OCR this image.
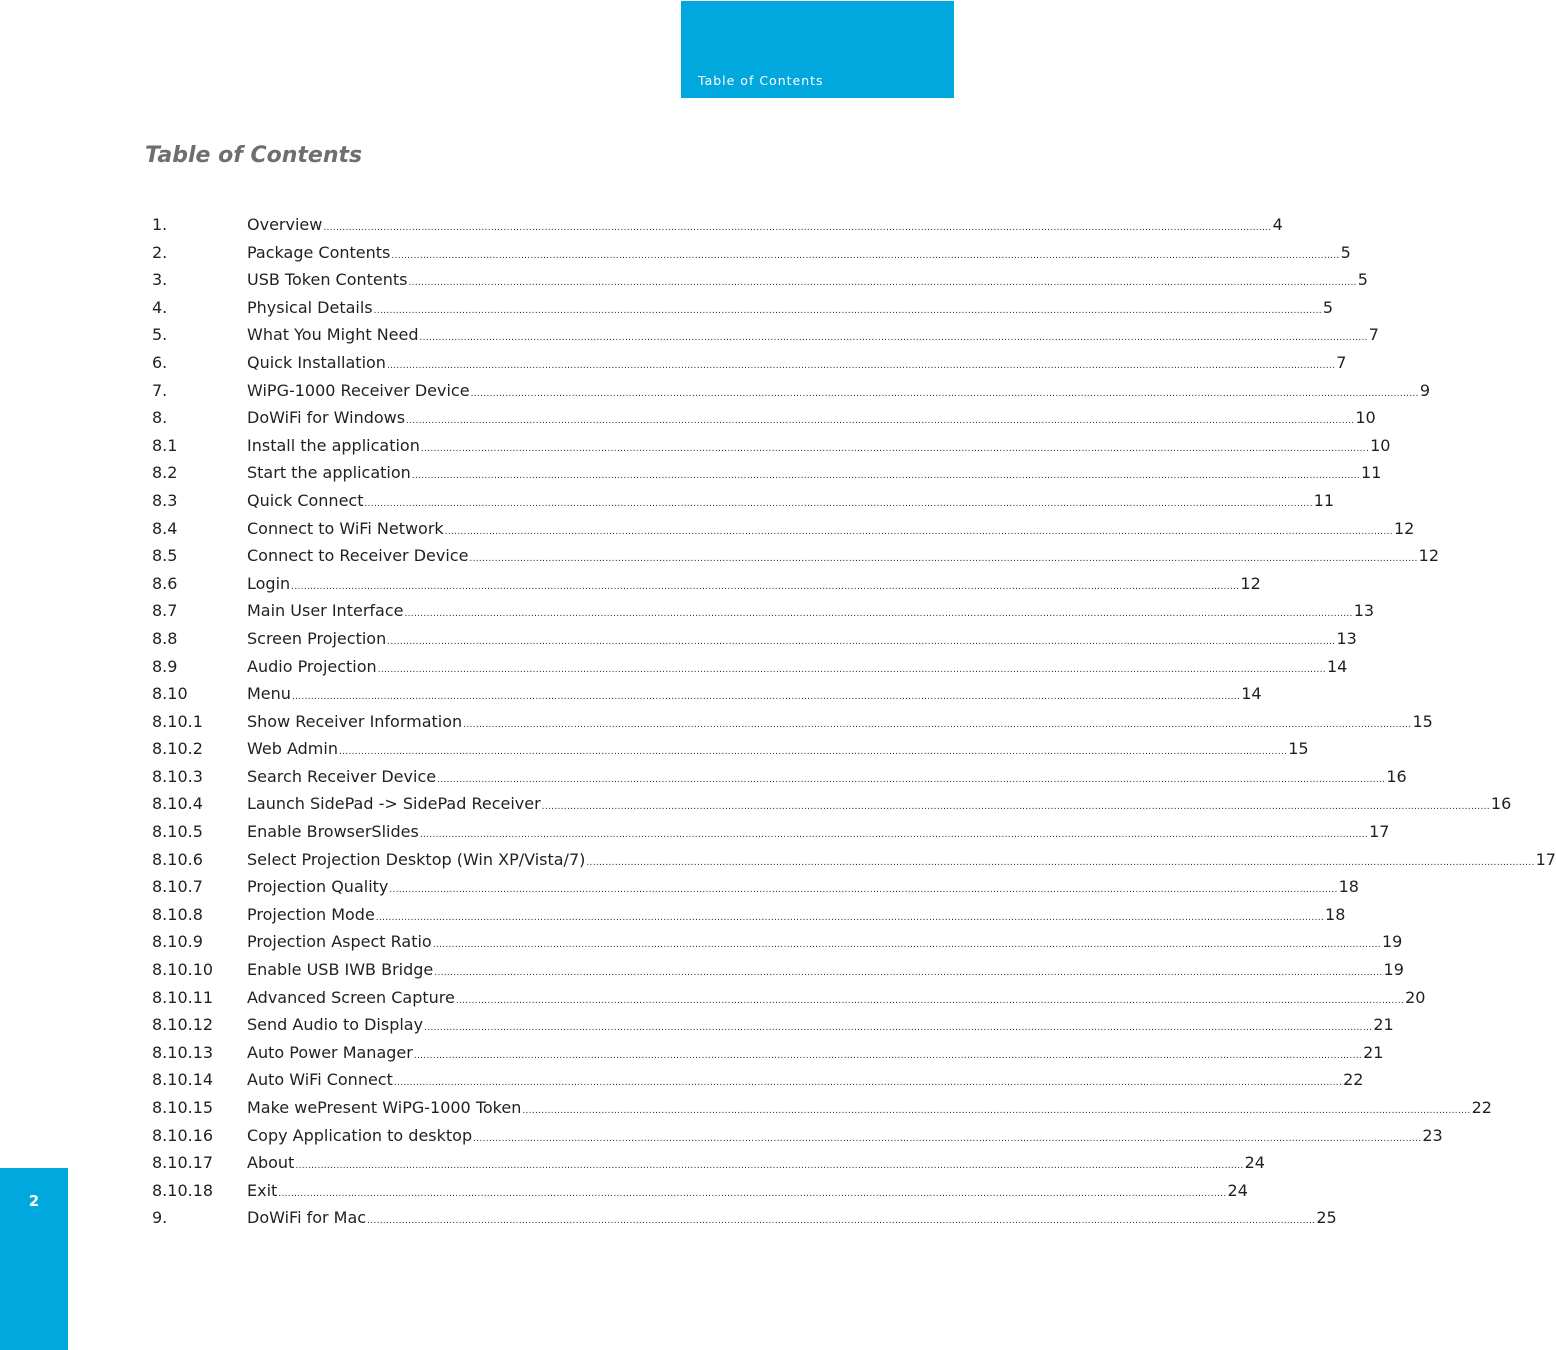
Table of Contents
Table of Contents
1.	Overview ............................................................................................................................................................................................................................................................................................................ 4
2.	Package Contents ............................................................................................................................................................................................................................................................................................................ 5
3.	USB Token Contents ............................................................................................................................................................................................................................................................................................................ 5
4.	Physical Details ............................................................................................................................................................................................................................................................................................................ 5
5.	What You Might Need ............................................................................................................................................................................................................................................................................................................ 7
6.	Quick Installation ............................................................................................................................................................................................................................................................................................................ 7
7.	WiPG-1000 Receiver Device ............................................................................................................................................................................................................................................................................................................ 9
8.	DoWiFi for Windows ............................................................................................................................................................................................................................................................................................................ 10
8.1	Install the application ............................................................................................................................................................................................................................................................................................................ 10
8.2	Start the application ............................................................................................................................................................................................................................................................................................................ 11
8.3	Quick Connect ............................................................................................................................................................................................................................................................................................................ 11
8.4	Connect to WiFi Network ............................................................................................................................................................................................................................................................................................................ 12
8.5	Connect to Receiver Device ............................................................................................................................................................................................................................................................................................................ 12
8.6	Login ............................................................................................................................................................................................................................................................................................................ 12
8.7	Main User Interface ............................................................................................................................................................................................................................................................................................................ 13
8.8	Screen Projection ............................................................................................................................................................................................................................................................................................................ 13
8.9	Audio Projection ............................................................................................................................................................................................................................................................................................................ 14
8.10	Menu ............................................................................................................................................................................................................................................................................................................ 14
8.10.1	Show Receiver Information ............................................................................................................................................................................................................................................................................................................ 15
8.10.2	Web Admin ............................................................................................................................................................................................................................................................................................................ 15
8.10.3	Search Receiver Device ............................................................................................................................................................................................................................................................................................................ 16
8.10.4	Launch SidePad -> SidePad Receiver ............................................................................................................................................................................................................................................................................................................ 16
8.10.5	Enable BrowserSlides ............................................................................................................................................................................................................................................................................................................ 17
8.10.6	Select Projection Desktop (Win XP/Vista/7) ............................................................................................................................................................................................................................................................................................................ 17
8.10.7	Projection Quality ............................................................................................................................................................................................................................................................................................................ 18
8.10.8	Projection Mode ............................................................................................................................................................................................................................................................................................................ 18
8.10.9	Projection Aspect Ratio ............................................................................................................................................................................................................................................................................................................ 19
8.10.10	Enable USB IWB Bridge ............................................................................................................................................................................................................................................................................................................ 19
8.10.11	Advanced Screen Capture ............................................................................................................................................................................................................................................................................................................ 20
8.10.12	Send Audio to Display ............................................................................................................................................................................................................................................................................................................ 21
8.10.13	Auto Power Manager ............................................................................................................................................................................................................................................................................................................ 21
8.10.14	Auto WiFi Connect ............................................................................................................................................................................................................................................................................................................ 22
8.10.15	Make wePresent WiPG-1000 Token ............................................................................................................................................................................................................................................................................................................ 22
8.10.16	Copy Application to desktop ............................................................................................................................................................................................................................................................................................................ 23
8.10.17	About ............................................................................................................................................................................................................................................................................................................ 24
8.10.18	Exit ............................................................................................................................................................................................................................................................................................................ 24
9.	DoWiFi for Mac ............................................................................................................................................................................................................................................................................................................ 25
2
